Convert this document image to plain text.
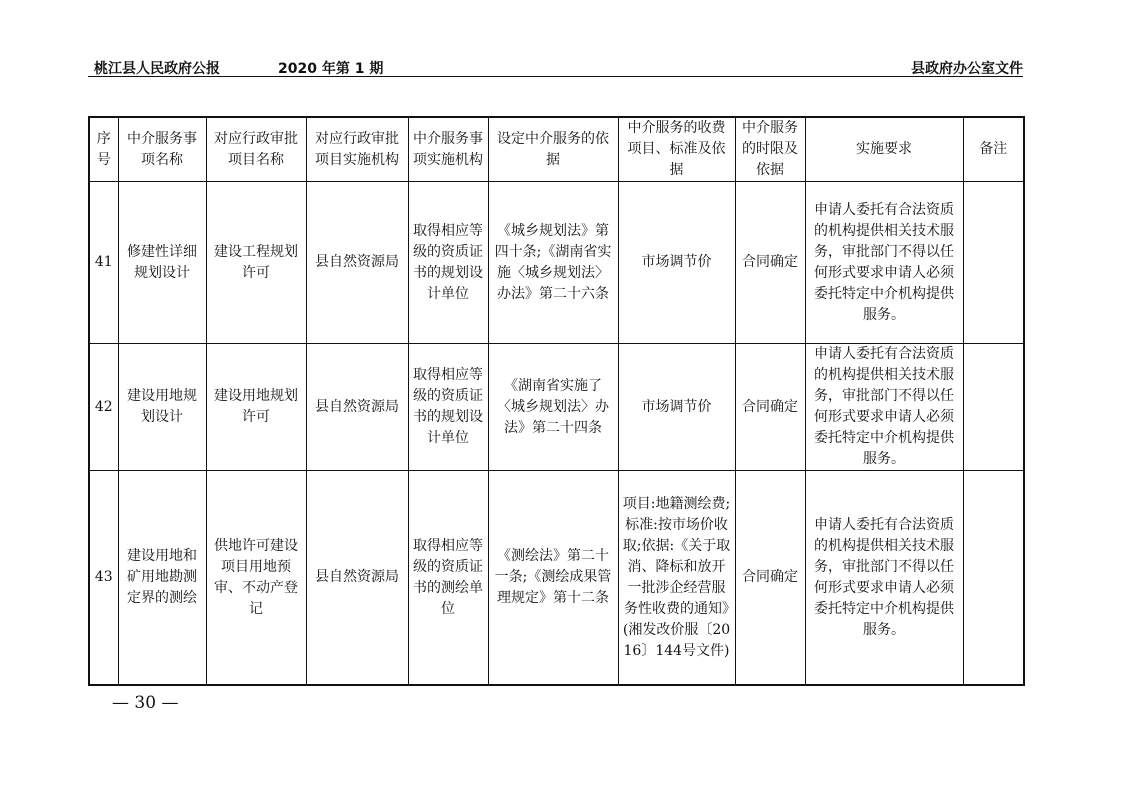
桃江县人民政府公报	2020 年第 1 期	县政府办公室文件
序号	中介服务事项名称	对应行政审批项目名称	对应行政审批项目实施机构	中介服务事项实施机构	设定中介服务的依据	中介服务的收费项目、标准及依据	中介服务的时限及依据	实施要求	备注
41	修建性详细规划设计	建设工程规划许可	县自然资源局	取得相应等级的资质证书的规划设计单位	《城乡规划法》第四十条;《湖南省实施〈城乡规划法〉办法》第二十六条	市场调节价	合同确定	申请人委托有合法资质的机构提供相关技术服务，审批部门不得以任何形式要求申请人必须委托特定中介机构提供服务。	
42	建设用地规划设计	建设用地规划许可	县自然资源局	取得相应等级的资质证书的规划设计单位	《湖南省实施了〈城乡规划法〉办法》第二十四条	市场调节价	合同确定	申请人委托有合法资质的机构提供相关技术服务，审批部门不得以任何形式要求申请人必须委托特定中介机构提供服务。	
43	建设用地和矿用地勘测定界的测绘	供地许可建设项目用地预审、不动产登记	县自然资源局	取得相应等级的资质证书的测绘单位	《测绘法》第二十一条;《测绘成果管理规定》第十二条	项目:地籍测绘费;标准:按市场价收取;依据:《关于取消、降标和放开一批涉企经营服务性收费的通知》(湘发改价服〔2016〕144号文件)	合同确定	申请人委托有合法资质的机构提供相关技术服务，审批部门不得以任何形式要求申请人必须委托特定中介机构提供服务。	
— 30 —
